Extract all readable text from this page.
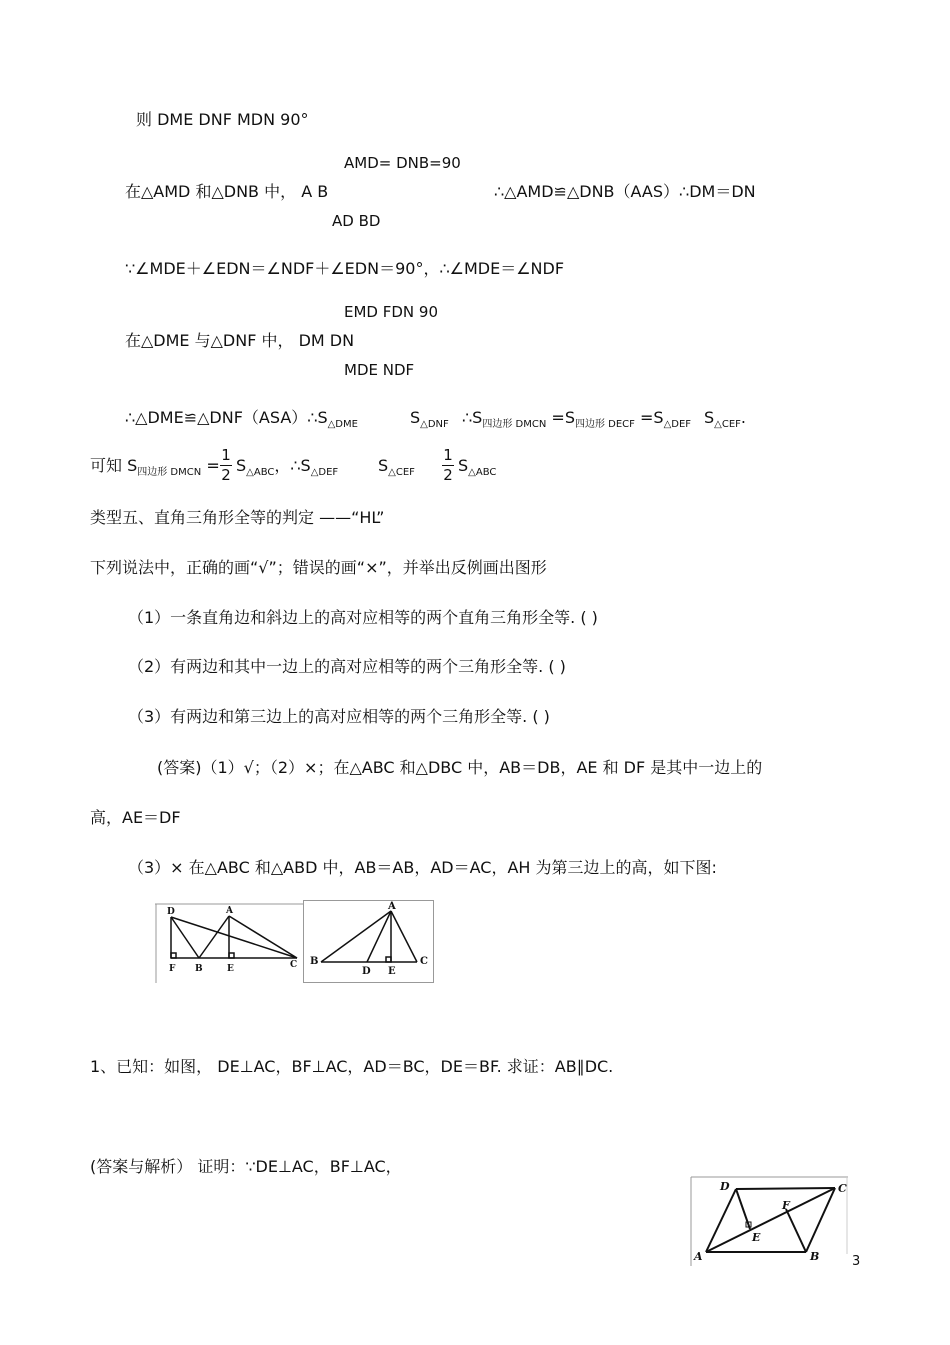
则 DME DNF MDN 90°
AMD= DNB=90
在△AMD 和△DNB 中， A B	∴△AMD≌△DNB（AAS）∴DM＝DN
AD BD
∵∠MDE＋∠EDN＝∠NDF＋∠EDN＝90°，∴∠MDE＝∠NDF
EMD FDN 90
在△DME 与△DNF 中， DM DN
MDE NDF
$\therefore\triangle DME≌\triangle DNF(ASA)\therefore S_{\triangle DME}$	$S_{\triangle DNF}$ $\therefore S_{四边形 DMCN} =S_{四边形 DECF} =S_{\triangle DEF}$ $S_{\triangle CEF}$.
可知 $S_{四边形 DMCN} = \frac{1}{2} S_{\triangle ABC}$，$\therefore S_{\triangle DEF}$ $S_{\triangle CEF} \frac{1}{2} S_{\triangle ABC}$
类型五、直角三角形全等的判定 ——“HL”
下列说法中，正确的画“√”；错误的画“×”，并举出反例画出图形
（1）一条直角边和斜边上的高对应相等的两个直角三角形全等. ( )
（2）有两边和其中一边上的高对应相等的两个三角形全等. ( )
（3）有两边和第三边上的高对应相等的两个三角形全等. ( )
(答案)（1）√；（2）×；在△ABC 和△DBC 中，AB＝DB，AE 和 DF 是其中一边上的
高，AE＝DF
（3）× 在△ABC 和△ABD 中，AB＝AB，AD＝AC，AH 为第三边上的高，如下图:
D	A
F B	E	C
A
B
D E
C
1、已知：如图， DE⊥AC，BF⊥AC，AD＝BC，DE＝BF. 求证：AB∥DC.
(答案与解析） 证明：∵DE⊥AC，BF⊥AC，
D	C
F
E
A	B	3
